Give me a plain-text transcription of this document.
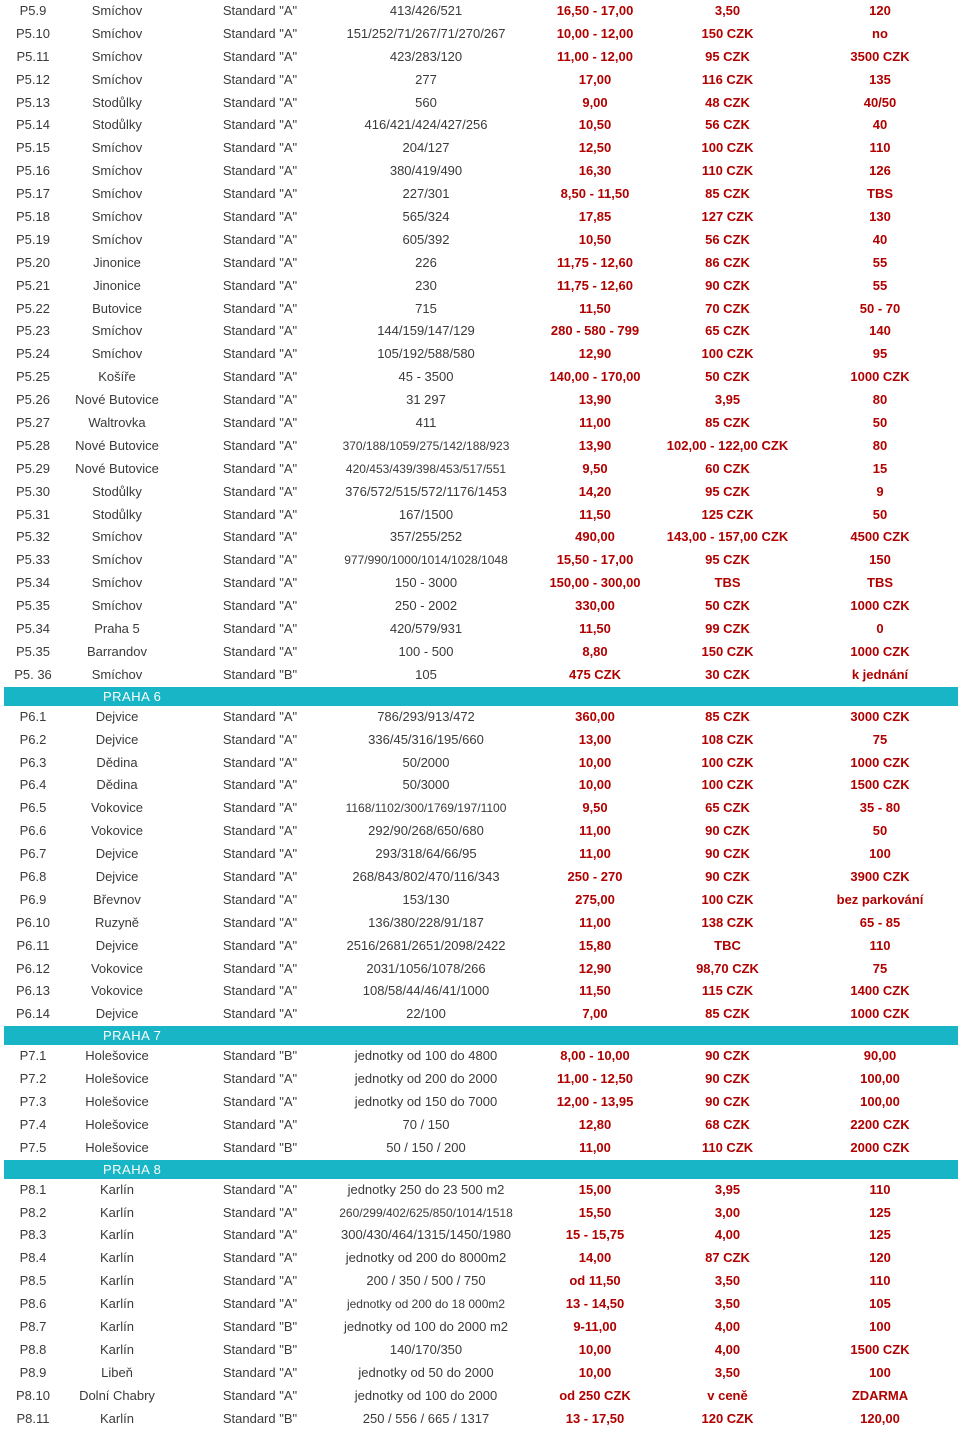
P5.9	Smíchov	Standard "A"	413/426/521	16,50 - 17,00	3,50	120
P5.10	Smíchov	Standard "A"	151/252/71/267/71/270/267	10,00 - 12,00	150 CZK	no
P5.11	Smíchov	Standard "A"	423/283/120	11,00 - 12,00	95 CZK	3500 CZK
P5.12	Smíchov	Standard "A"	277	17,00	116 CZK	135
P5.13	Stodůlky	Standard "A"	560	9,00	48 CZK	40/50
P5.14	Stodůlky	Standard "A"	416/421/424/427/256	10,50	56 CZK	40
P5.15	Smíchov	Standard "A"	204/127	12,50	100 CZK	110
P5.16	Smíchov	Standard "A"	380/419/490	16,30	110 CZK	126
P5.17	Smíchov	Standard "A"	227/301	8,50 - 11,50	85 CZK	TBS
P5.18	Smíchov	Standard "A"	565/324	17,85	127 CZK	130
P5.19	Smíchov	Standard "A"	605/392	10,50	56 CZK	40
P5.20	Jinonice	Standard "A"	226	11,75 - 12,60	86 CZK	55
P5.21	Jinonice	Standard "A"	230	11,75 - 12,60	90 CZK	55
P5.22	Butovice	Standard "A"	715	11,50	70 CZK	50 - 70
P5.23	Smíchov	Standard "A"	144/159/147/129	280 - 580 - 799	65 CZK	140
P5.24	Smíchov	Standard "A"	105/192/588/580	12,90	100 CZK	95
P5.25	Košíře	Standard "A"	45 - 3500	140,00 - 170,00	50 CZK	1000 CZK
P5.26	Nové Butovice	Standard "A"	31 297	13,90	3,95	80
P5.27	Waltrovka	Standard "A"	411	11,00	85 CZK	50
P5.28	Nové Butovice	Standard "A"	370/188/1059/275/142/188/923	13,90	102,00 - 122,00 CZK	80
P5.29	Nové Butovice	Standard "A"	420/453/439/398/453/517/551	9,50	60 CZK	15
P5.30	Stodůlky	Standard "A"	376/572/515/572/1176/1453	14,20	95 CZK	9
P5.31	Stodůlky	Standard "A"	167/1500	11,50	125 CZK	50
P5.32	Smíchov	Standard "A"	357/255/252	490,00	143,00 - 157,00 CZK	4500 CZK
P5.33	Smíchov	Standard "A"	977/990/1000/1014/1028/1048	15,50 - 17,00	95 CZK	150
P5.34	Smíchov	Standard "A"	150 - 3000	150,00 - 300,00	TBS	TBS
P5.35	Smíchov	Standard "A"	250 - 2002	330,00	50 CZK	1000 CZK
P5.34	Praha 5	Standard "A"	420/579/931	11,50	99 CZK	0
P5.35	Barrandov	Standard "A"	100 - 500	8,80	150 CZK	1000 CZK
P5. 36	Smíchov	Standard "B"	105	475 CZK	30 CZK	k jednání
PRAHA 6
P6.1	Dejvice	Standard "A"	786/293/913/472	360,00	85 CZK	3000 CZK
P6.2	Dejvice	Standard "A"	336/45/316/195/660	13,00	108 CZK	75
P6.3	Dědina	Standard "A"	50/2000	10,00	100 CZK	1000 CZK
P6.4	Dědina	Standard "A"	50/3000	10,00	100 CZK	1500 CZK
P6.5	Vokovice	Standard "A"	1168/1102/300/1769/197/1100	9,50	65 CZK	35 - 80
P6.6	Vokovice	Standard "A"	292/90/268/650/680	11,00	90 CZK	50
P6.7	Dejvice	Standard "A"	293/318/64/66/95	11,00	90 CZK	100
P6.8	Dejvice	Standard "A"	268/843/802/470/116/343	250 - 270	90 CZK	3900 CZK
P6.9	Břevnov	Standard "A"	153/130	275,00	100 CZK	bez parkování
P6.10	Ruzyně	Standard "A"	136/380/228/91/187	11,00	138 CZK	65 - 85
P6.11	Dejvice	Standard "A"	2516/2681/2651/2098/2422	15,80	TBC	110
P6.12	Vokovice	Standard "A"	2031/1056/1078/266	12,90	98,70 CZK	75
P6.13	Vokovice	Standard "A"	108/58/44/46/41/1000	11,50	115 CZK	1400 CZK
P6.14	Dejvice	Standard "A"	22/100	7,00	85 CZK	1000 CZK
PRAHA 7
P7.1	Holešovice	Standard "B"	jednotky od 100 do 4800	8,00 - 10,00	90 CZK	90,00
P7.2	Holešovice	Standard "A"	jednotky od 200 do 2000	11,00 - 12,50	90 CZK	100,00
P7.3	Holešovice	Standard "A"	jednotky od 150 do 7000	12,00 - 13,95	90 CZK	100,00
P7.4	Holešovice	Standard "A"	70 / 150	12,80	68 CZK	2200 CZK
P7.5	Holešovice	Standard "B"	50 / 150 / 200	11,00	110 CZK	2000 CZK
PRAHA 8
P8.1	Karlín	Standard "A"	jednotky 250 do 23 500 m2	15,00	3,95	110
P8.2	Karlín	Standard "A"	260/299/402/625/850/1014/1518	15,50	3,00	125
P8.3	Karlín	Standard "A"	300/430/464/1315/1450/1980	15 - 15,75	4,00	125
P8.4	Karlín	Standard "A"	jednotky od 200 do 8000m2	14,00	87 CZK	120
P8.5	Karlín	Standard "A"	200 / 350 / 500 / 750	od 11,50	3,50	110
P8.6	Karlín	Standard "A"	jednotky od 200 do 18 000m2	13 - 14,50	3,50	105
P8.7	Karlín	Standard "B"	jednotky od 100 do 2000 m2	9-11,00	4,00	100
P8.8	Karlín	Standard "B"	140/170/350	10,00	4,00	1500 CZK
P8.9	Libeň	Standard "A"	jednotky od 50 do 2000	10,00	3,50	100
P8.10	Dolní Chabry	Standard "A"	jednotky od 100 do 2000	od 250 CZK	v ceně	ZDARMA
P8.11	Karlín	Standard "B"	250 / 556 / 665 / 1317	13 - 17,50	120 CZK	120,00
